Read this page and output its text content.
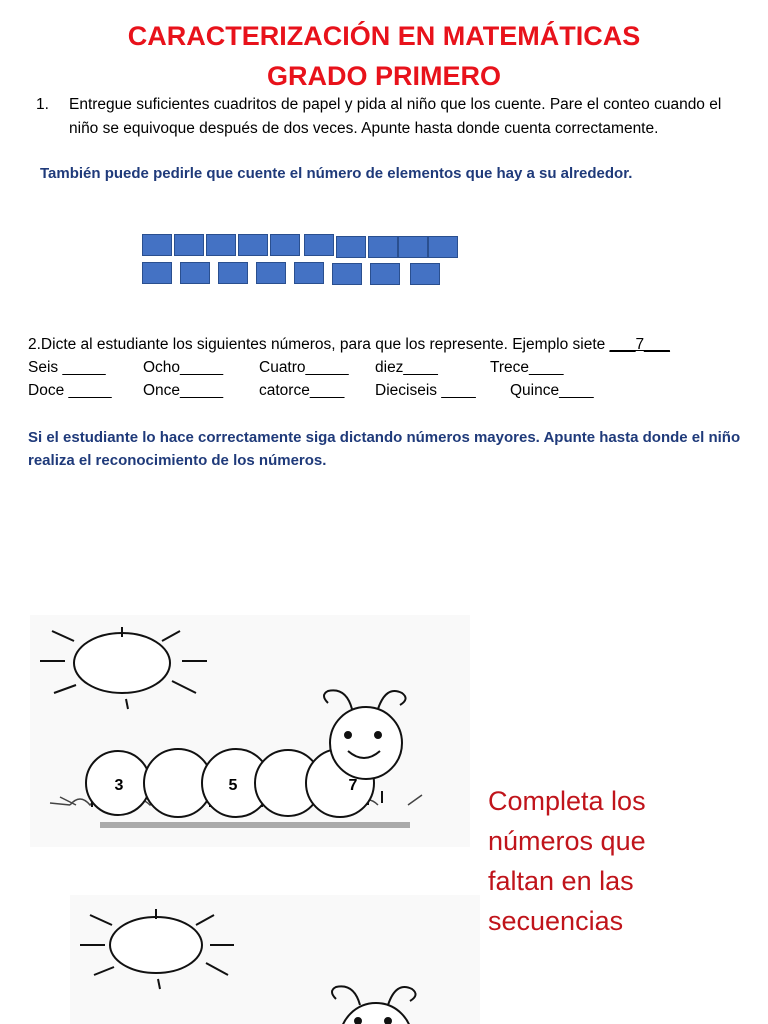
CARACTERIZACIÓN EN MATEMÁTICAS
GRADO PRIMERO
1. Entregue suficientes cuadritos de papel y pida al niño que los cuente. Pare el conteo cuando el niño se equivoque después de dos veces. Apunte hasta donde cuenta correctamente.
También puede pedirle que cuente el número de elementos que hay a su alrededor.
2.Dicte al estudiante los siguientes números, para que los represente. Ejemplo siete ___7___
Seis _____ Ocho_____ Cuatro_____ diez____	Trece____
Doce _____ Once_____ catorce____ Dieciseis ____ Quince____
Si el estudiante lo hace correctamente siga dictando números mayores. Apunte hasta donde el niño realiza el reconocimiento de los números.
3	5	7
Completa los
números que
faltan en las
secuencias
